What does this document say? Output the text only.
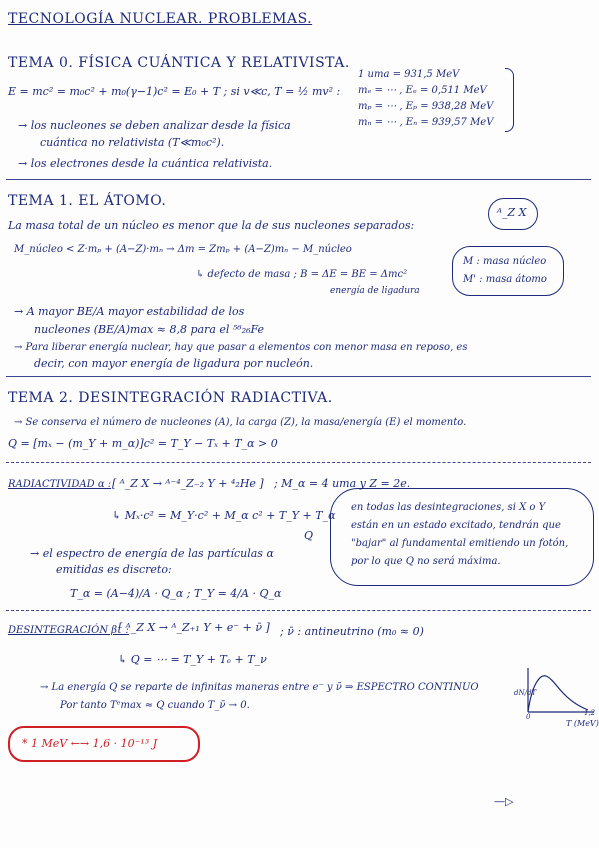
TECNOLOGÍA NUCLEAR. PROBLEMAS.
TEMA 0. FÍSICA CUÁNTICA Y RELATIVISTA.
E = mc² = m₀c² + m₀(γ−1)c² = E₀ + T ; si v≪c, T = ½ mv² :
→ los nucleones se deben analizar desde la física
cuántica no relativista (T≪m₀c²).
→ los electrones desde la cuántica relativista.
1 uma = 931,5 MeV
mₑ = ⋯ , Eₑ = 0,511 MeV
mₚ = ⋯ , Eₚ = 938,28 MeV
mₙ = ⋯ , Eₙ = 939,57 MeV
TEMA 1. EL ÁTOMO.
La masa total de un núcleo es menor que la de sus nucleones separados:
M_núcleo < Z·mₚ + (A−Z)·mₙ → Δm = Zmₚ + (A−Z)mₙ − M_núcleo
↳ defecto de masa ; B = ΔE = BE = Δmc²
energía de ligadura
ᴬ_Z X
M : masa núcleo
M' : masa átomo
→ A mayor BE/A mayor estabilidad de los
nucleones (BE/A)max ≈ 8,8 para el ⁵⁶₂₆Fe
→ Para liberar energía nuclear, hay que pasar a elementos con menor masa en reposo, es
decir, con mayor energía de ligadura por nucleón.
TEMA 2. DESINTEGRACIÓN RADIACTIVA.
→ Se conserva el número de nucleones (A), la carga (Z), la masa/energía (E) el momento.
Q = [mₓ − (m_Y + m_α)]c² = T_Y − Tₓ + T_α > 0
RADIACTIVIDAD α : [ ᴬ_Z X → ᴬ⁻⁴_Z₋₂ Y + ⁴₂He ] ; M_α = 4 uma y Z = 2e.
↳ Mₓ·c² = M_Y·c² + M_α c² + T_Y + T_α
Q
en todas las desintegraciones, si X o Y
están en un estado excitado, tendrán que
"bajar" al fundamental emitiendo un fotón,
por lo que Q no será máxima.
→ el espectro de energía de las partículas α
emitidas es discreto:
T_α = (A−4)/A · Q_α ; T_Y = 4/A · Q_α
DESINTEGRACIÓN β⁻ :
[ ᴬ_Z X → ᴬ_Z₊₁ Y + e⁻ + ν̄ ] ; ν̄ : antineutrino (m₀ ≈ 0)
↳ Q = ⋯ = T_Y + Tₑ + T_ν
→ La energía Q se reparte de infinitas maneras entre e⁻ y ν̄ ⇒ ESPECTRO CONTINUO
Por tanto Tᵉmax ≈ Q cuando T_ν̄ → 0.
dN/dT
0	1,2
T (MeV)
* 1 MeV ←→ 1,6 · 10⁻¹³ J
—▷
